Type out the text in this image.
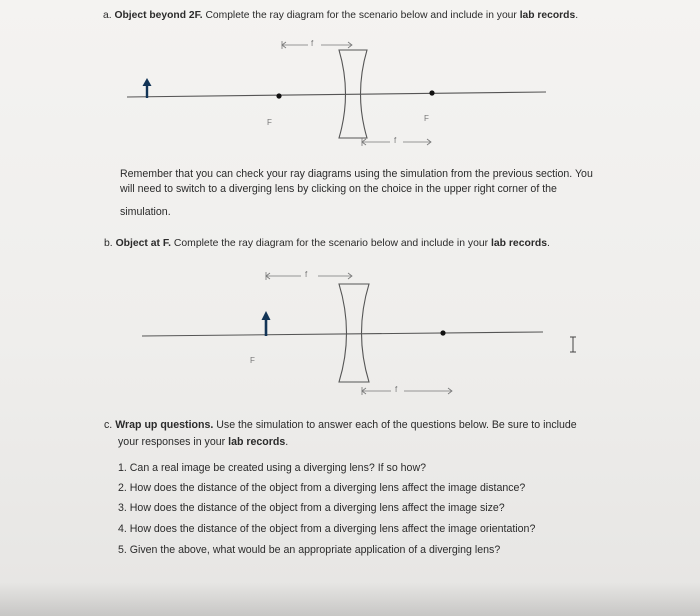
a. Object beyond 2F. Complete the ray diagram for the scenario below and include in your lab records.
f
F	F
f
Remember that you can check your ray diagrams using the simulation from the previous section. You
will need to switch to a diverging lens by clicking on the choice in the upper right corner of the
simulation.
b. Object at F. Complete the ray diagram for the scenario below and include in your lab records.
f
F
f
c. Wrap up questions. Use the simulation to answer each of the questions below. Be sure to include
your responses in your lab records.
1. Can a real image be created using a diverging lens? If so how?
2. How does the distance of the object from a diverging lens affect the image distance?
3. How does the distance of the object from a diverging lens affect the image size?
4. How does the distance of the object from a diverging lens affect the image orientation?
5. Given the above, what would be an appropriate application of a diverging lens?
